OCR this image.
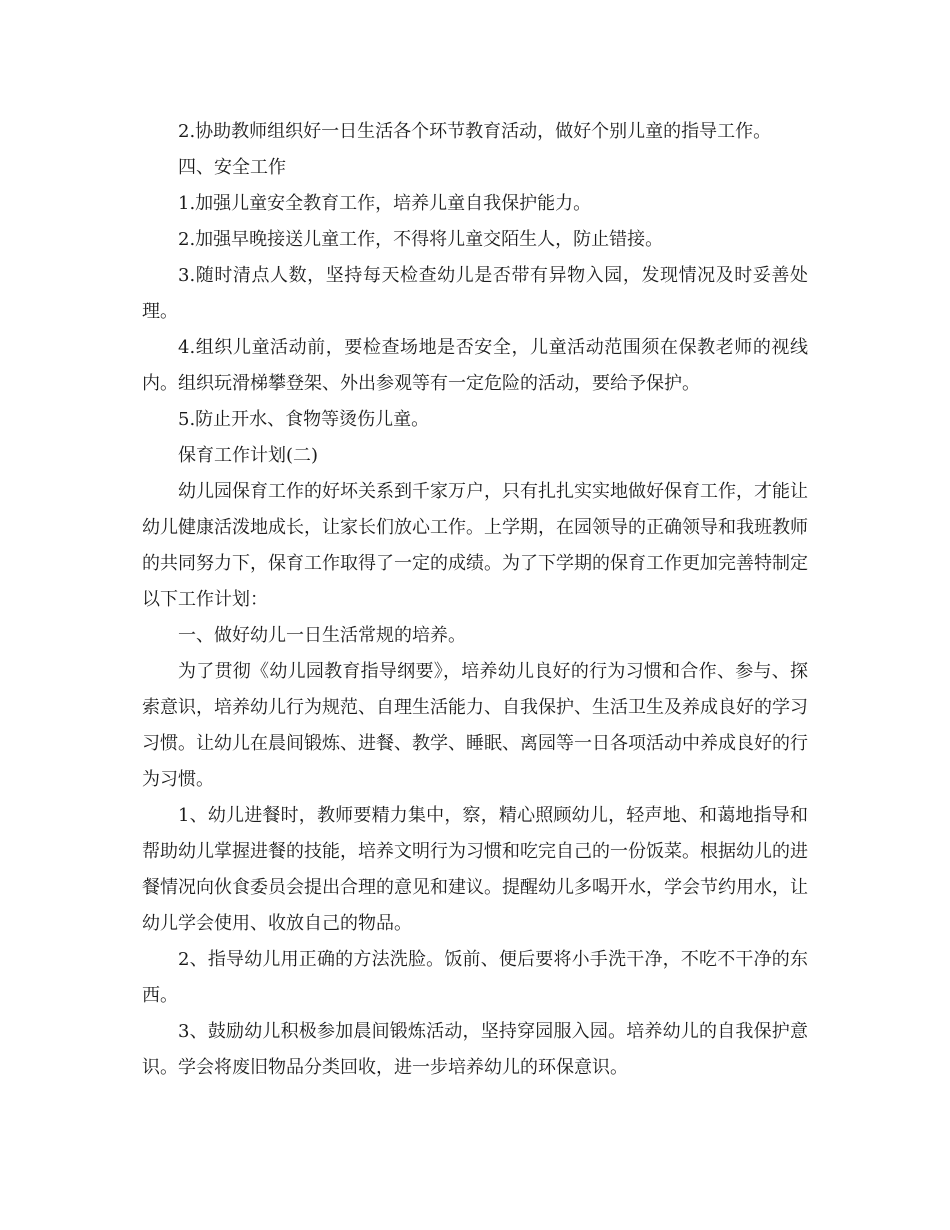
2.协助教师组织好一日生活各个环节教育活动，做好个别儿童的指导工作。

四、安全工作

1.加强儿童安全教育工作，培养儿童自我保护能力。

2.加强早晚接送儿童工作，不得将儿童交陌生人，防止错接。

3.随时清点人数，坚持每天检查幼儿是否带有异物入园，发现情况及时妥善处理。

4.组织儿童活动前，要检查场地是否安全，儿童活动范围须在保教老师的视线内。组织玩滑梯攀登架、外出参观等有一定危险的活动，要给予保护。

5.防止开水、食物等烫伤儿童。

保育工作计划(二)

幼儿园保育工作的好坏关系到千家万户，只有扎扎实实地做好保育工作，才能让幼儿健康活泼地成长，让家长们放心工作。上学期，在园领导的正确领导和我班教师的共同努力下，保育工作取得了一定的成绩。为了下学期的保育工作更加完善特制定以下工作计划：

一、做好幼儿一日生活常规的培养。

为了贯彻《幼儿园教育指导纲要》，培养幼儿良好的行为习惯和合作、参与、探索意识，培养幼儿行为规范、自理生活能力、自我保护、生活卫生及养成良好的学习习惯。让幼儿在晨间锻炼、进餐、教学、睡眠、离园等一日各项活动中养成良好的行为习惯。

1、幼儿进餐时，教师要精力集中，察，精心照顾幼儿，轻声地、和蔼地指导和帮助幼儿掌握进餐的技能，培养文明行为习惯和吃完自己的一份饭菜。根据幼儿的进餐情况向伙食委员会提出合理的意见和建议。提醒幼儿多喝开水，学会节约用水，让幼儿学会使用、收放自己的物品。

2、指导幼儿用正确的方法洗脸。饭前、便后要将小手洗干净，不吃不干净的东西。

3、鼓励幼儿积极参加晨间锻炼活动，坚持穿园服入园。培养幼儿的自我保护意识。学会将废旧物品分类回收，进一步培养幼儿的环保意识。
